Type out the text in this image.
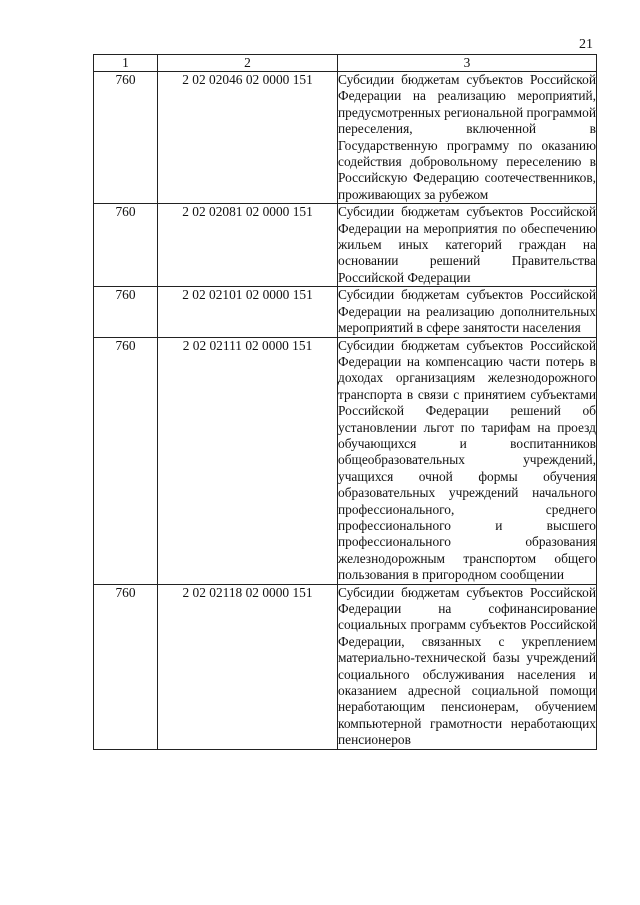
21
1	2	3
760	2 02 02046 02 0000 151	Субсидии бюджетам субъектов Российской Федерации на реализацию мероприятий, предусмотренных региональной программой переселения, включенной в Государственную программу по оказанию содействия добровольному переселению в Российскую Федерацию соотечественников, проживающих за рубежом
760	2 02 02081 02 0000 151	Субсидии бюджетам субъектов Российской Федерации на мероприятия по обеспечению жильем иных категорий граждан на основании решений Правительства Российской Федерации
760	2 02 02101 02 0000 151	Субсидии бюджетам субъектов Российской Федерации на реализацию дополнительных мероприятий в сфере занятости населения
760	2 02 02111 02 0000 151	Субсидии бюджетам субъектов Российской Федерации на компенсацию части потерь в доходах организациям железнодорожного транспорта в связи с принятием субъектами Российской Федерации решений об установлении льгот по тарифам на проезд обучающихся и воспитанников общеобразовательных учреждений, учащихся очной формы обучения образовательных учреждений начального профессионального, среднего профессионального и высшего профессионального образования железнодорожным транспортом общего пользования в пригородном сообщении
760	2 02 02118 02 0000 151	Субсидии бюджетам субъектов Российской Федерации на софинансирование социальных программ субъектов Российской Федерации, связанных с укреплением материально-технической базы учреждений социального обслуживания населения и оказанием адресной социальной помощи неработающим пенсионерам, обучением компьютерной грамотности неработающих пенсионеров
